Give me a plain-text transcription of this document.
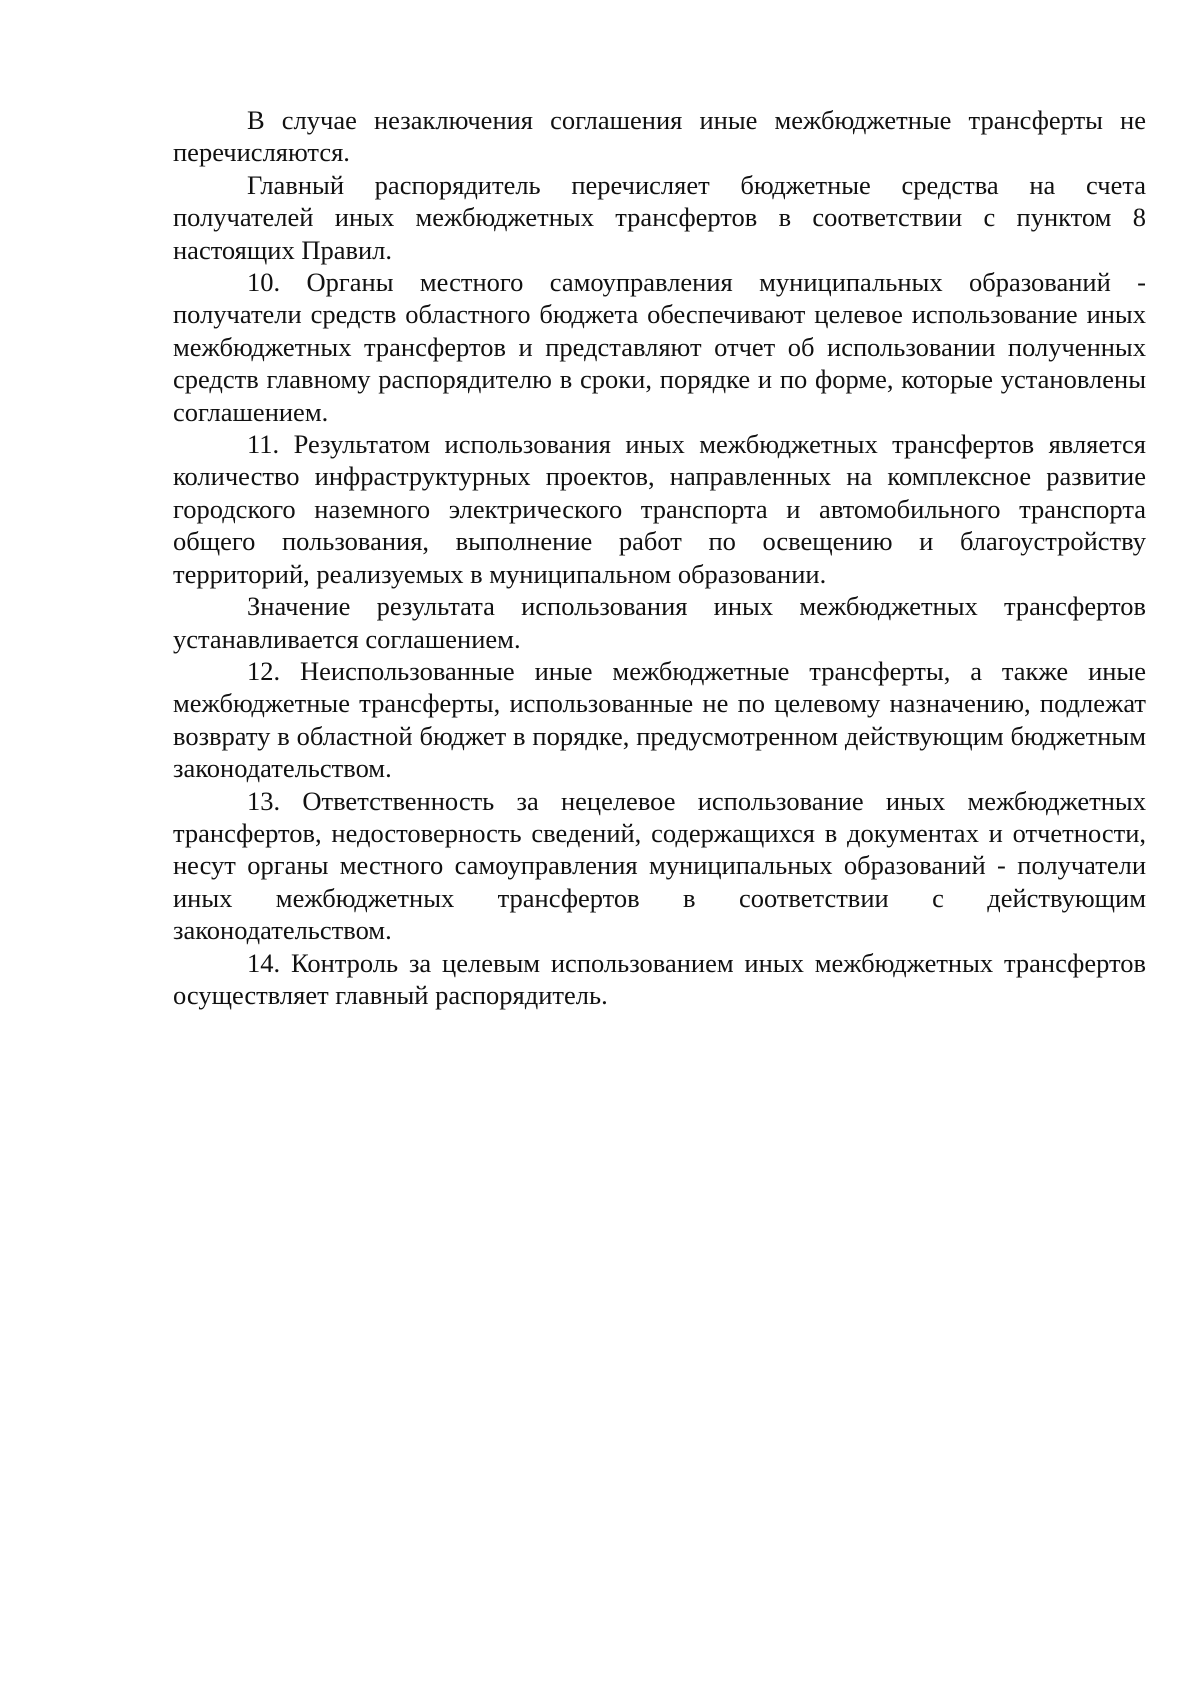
В случае незаключения соглашения иные межбюджетные трансферты не перечисляются.

Главный распорядитель перечисляет бюджетные средства на счета получателей иных межбюджетных трансфертов в соответствии с пунктом 8 настоящих Правил.

10. Органы местного самоуправления муниципальных образований - получатели средств областного бюджета обеспечивают целевое использование иных межбюджетных трансфертов и представляют отчет об использовании полученных средств главному распорядителю в сроки, порядке и по форме, которые установлены соглашением.

11. Результатом использования иных межбюджетных трансфертов является количество инфраструктурных проектов, направленных на комплексное развитие городского наземного электрического транспорта и автомобильного транспорта общего пользования, выполнение работ по освещению и благоустройству территорий, реализуемых в муниципальном образовании.

Значение результата использования иных межбюджетных трансфертов устанавливается соглашением.

12. Неиспользованные иные межбюджетные трансферты, а также иные межбюджетные трансферты, использованные не по целевому назначению, подлежат возврату в областной бюджет в порядке, предусмотренном действующим бюджетным законодательством.

13. Ответственность за нецелевое использование иных межбюджетных трансфертов, недостоверность сведений, содержащихся в документах и отчетности, несут органы местного самоуправления муниципальных образований - получатели иных межбюджетных трансфертов в соответствии с действующим законодательством.

14. Контроль за целевым использованием иных межбюджетных трансфертов осуществляет главный распорядитель.
